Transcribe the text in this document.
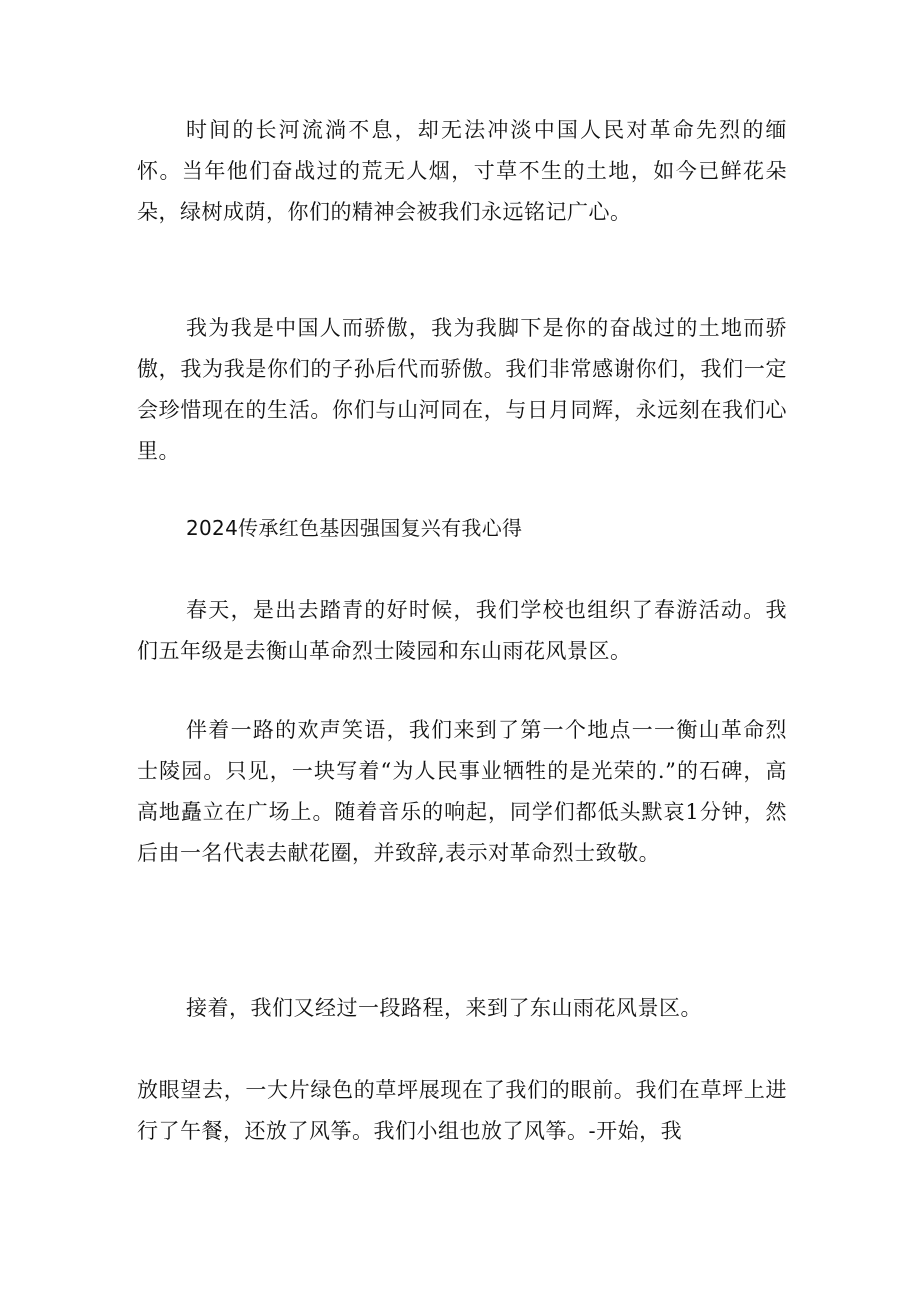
时间的长河流淌不息，却无法冲淡中国人民对革命先烈的缅怀。当年他们奋战过的荒无人烟，寸草不生的土地，如今已鲜花朵朵，绿树成荫，你们的精神会被我们永远铭记广心。

我为我是中国人而骄傲，我为我脚下是你的奋战过的土地而骄傲，我为我是你们的子孙后代而骄傲。我们非常感谢你们，我们一定会珍惜现在的生活。你们与山河同在，与日月同辉，永远刻在我们心里。

2024传承红色基因强国复兴有我心得

春天，是出去踏青的好时候，我们学校也组织了春游活动。我们五年级是去衡山革命烈士陵园和东山雨花风景区。

伴着一路的欢声笑语，我们来到了第一个地点一一衡山革命烈士陵园。只见，一块写着“为人民事业牺牲的是光荣的.”的石碑，高高地矗立在广场上。随着音乐的响起，同学们都低头默哀1分钟，然后由一名代表去献花圈，并致辞,表示对革命烈士致敬。

接着，我们又经过一段路程，来到了东山雨花风景区。

放眼望去，一大片绿色的草坪展现在了我们的眼前。我们在草坪上进行了午餐，还放了风筝。我们小组也放了风筝。-开始，我
